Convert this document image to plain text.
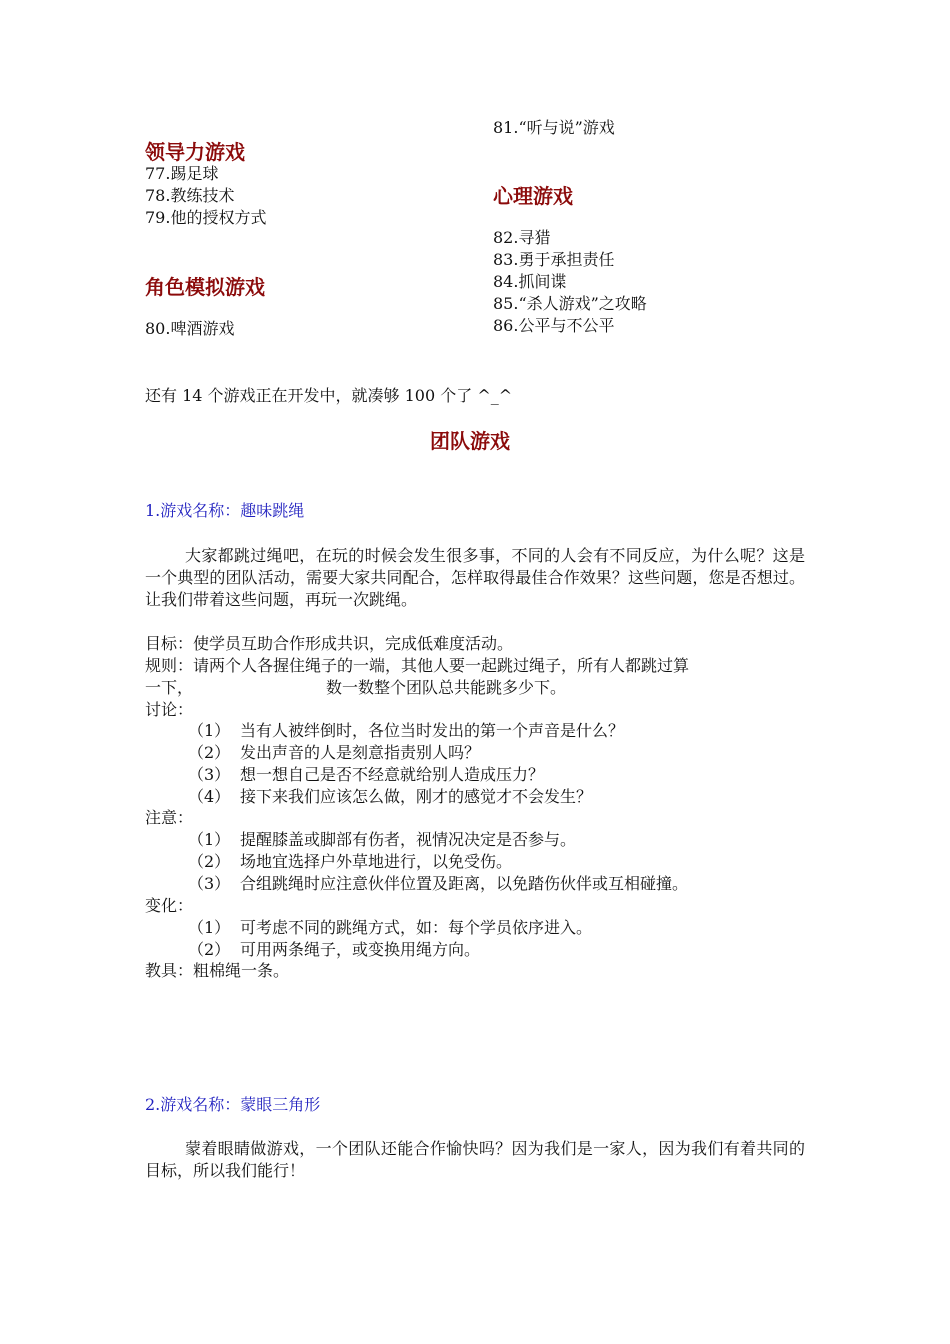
81.“听与说”游戏
领导力游戏
77.踢足球
78.教练技术
79.他的授权方式
心理游戏
82.寻猎
83.勇于承担责任
84.抓间谍
85.“杀人游戏”之攻略
86.公平与不公平
角色模拟游戏
80.啤酒游戏
还有 14 个游戏正在开发中，就凑够 100 个了 ^_^
团队游戏
1.游戏名称：趣味跳绳
大家都跳过绳吧，在玩的时候会发生很多事，不同的人会有不同反应，为什么呢？这是一个典型的团队活动，需要大家共同配合，怎样取得最佳合作效果？这些问题，您是否想过。让我们带着这些问题，再玩一次跳绳。
目标：使学员互助合作形成共识，完成低难度活动。
规则：请两个人各握住绳子的一端，其他人要一起跳过绳子，所有人都跳过算
一下，	数一数整个团队总共能跳多少下。
讨论：
（1） 当有人被绊倒时，各位当时发出的第一个声音是什么？
（2） 发出声音的人是刻意指责别人吗？
（3） 想一想自己是否不经意就给别人造成压力？
（4） 接下来我们应该怎么做，刚才的感觉才不会发生？
注意：
（1） 提醒膝盖或脚部有伤者，视情况决定是否参与。
（2） 场地宜选择户外草地进行，以免受伤。
（3） 合组跳绳时应注意伙伴位置及距离，以免踏伤伙伴或互相碰撞。
变化：
（1） 可考虑不同的跳绳方式，如：每个学员依序进入。
（2） 可用两条绳子，或变换用绳方向。
教具：粗棉绳一条。
2.游戏名称：蒙眼三角形
蒙着眼睛做游戏，一个团队还能合作愉快吗？因为我们是一家人，因为我们有着共同的目标，所以我们能行！
